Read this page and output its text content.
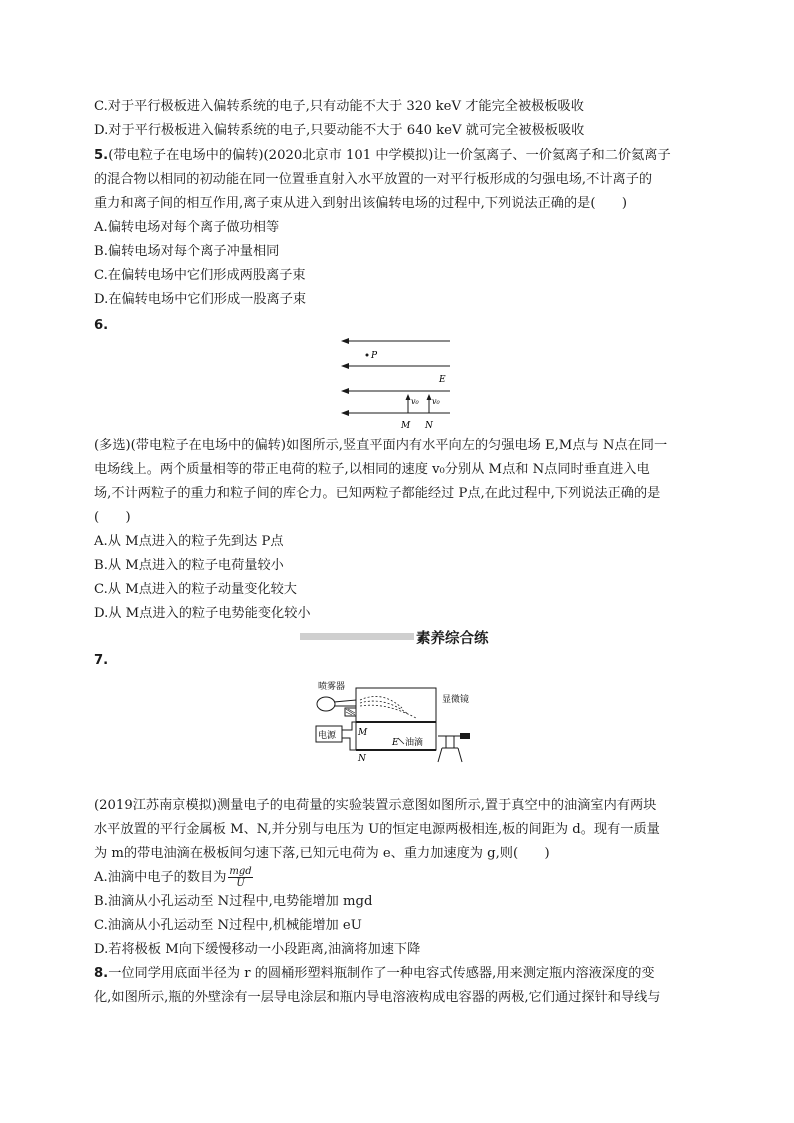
C.对于平行极板进入偏转系统的电子,只有动能不大于 320 keV 才能完全被极板吸收
D.对于平行极板进入偏转系统的电子,只要动能不大于 640 keV 就可完全被极板吸收
5.(带电粒子在电场中的偏转)(2020北京市 101 中学模拟)让一价氢离子、一价氦离子和二价氦离子
的混合物以相同的初动能在同一位置垂直射入水平放置的一对平行板形成的匀强电场,不计离子的
重力和离子间的相互作用,离子束从进入到射出该偏转电场的过程中,下列说法正确的是(　　)
A.偏转电场对每个离子做功相等
B.偏转电场对每个离子冲量相同
C.在偏转电场中它们形成两股离子束
D.在偏转电场中它们形成一股离子束
6.
P
E
v₀ v₀
M N
(多选)(带电粒子在电场中的偏转)如图所示,竖直平面内有水平向左的匀强电场 E,M点与 N点在同一
电场线上。两个质量相等的带正电荷的粒子,以相同的速度 v₀分别从 M点和 N点同时垂直进入电
场,不计两粒子的重力和粒子间的库仑力。已知两粒子都能经过 P点,在此过程中,下列说法正确的是
(　　)
A.从 M点进入的粒子先到达 P点
B.从 M点进入的粒子电荷量较小
C.从 M点进入的粒子动量变化较大
D.从 M点进入的粒子电势能变化较小
素养综合练
7.
喷雾器
M
N
E 油滴
电源
显微镜
(2019江苏南京模拟)测量电子的电荷量的实验装置示意图如图所示,置于真空中的油滴室内有两块
水平放置的平行金属板 M、N,并分别与电压为 U的恒定电源两极相连,板的间距为 d。现有一质量
为 m的带电油滴在极板间匀速下落,已知元电荷为 e、重力加速度为 g,则(　　)
A.油滴中电子的数目为 $\frac{\text{mgd}}{U}$
B.油滴从小孔运动至 N过程中,电势能增加 mgd
C.油滴从小孔运动至 N过程中,机械能增加 eU
D.若将极板 M向下缓慢移动一小段距离,油滴将加速下降
8.一位同学用底面半径为 r 的圆桶形塑料瓶制作了一种电容式传感器,用来测定瓶内溶液深度的变
化,如图所示,瓶的外壁涂有一层导电涂层和瓶内导电溶液构成电容器的两极,它们通过探针和导线与
